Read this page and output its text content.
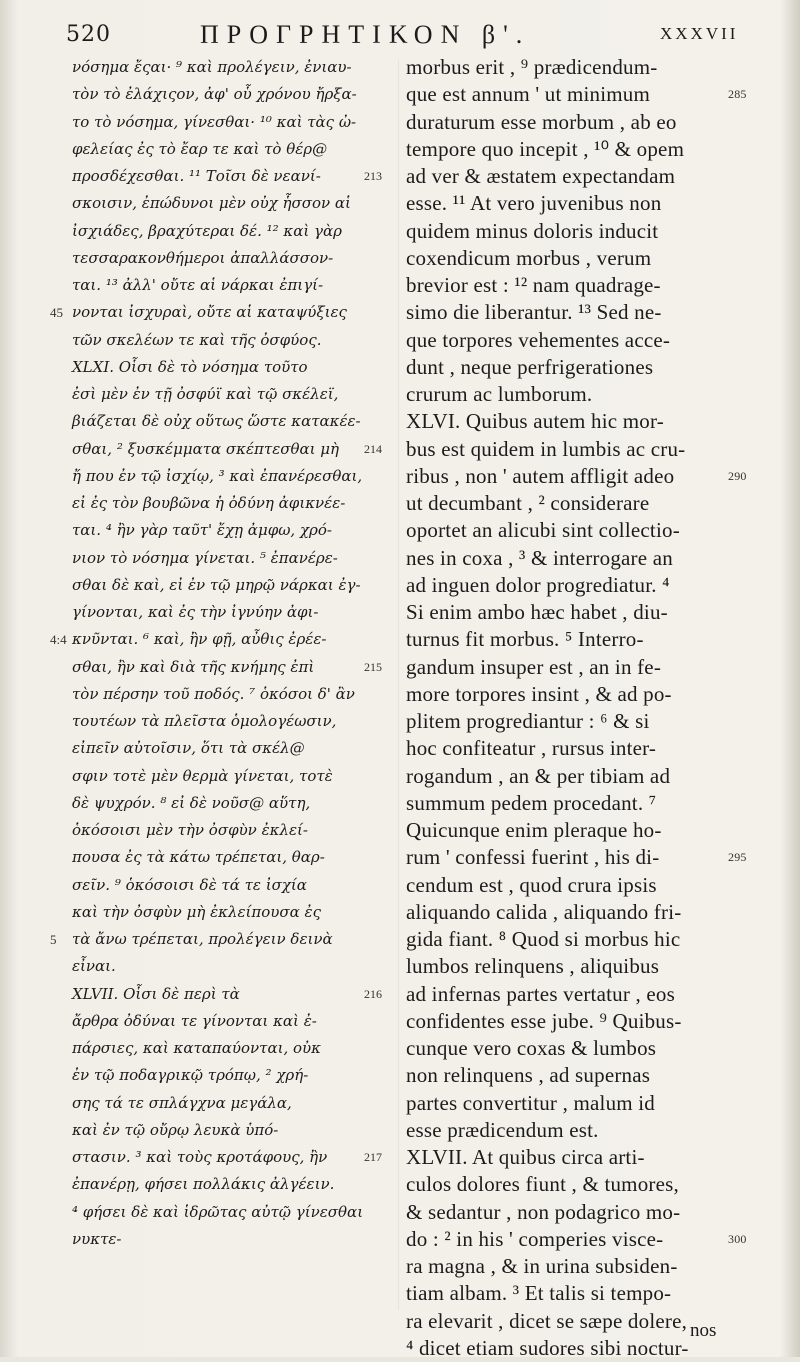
520	ΠΡΟΓΡΗΤΙΚΟΝ β'.	XXXVII
νόσημα ἔςαι· ⁹ καὶ προλέγειν, ἐνιαυ-
τὸν τὸ ἐλάχιςον, ἀφ' οὗ χρόνου ἤρξα-
το τὸ νόσημα, γίνεσθαι· ¹⁰ καὶ τὰς ὠ-
φελείας ἐς τὸ ἔαρ τε καὶ τὸ θέρ@
προσδέχεσθαι. ¹¹ Τοῖσι δὲ νεανί-	213
σκοισιν, ἐπώδυνοι μὲν οὐχ ἧσσον αἱ
ἰσχιάδες, βραχύτεραι δέ. ¹² καὶ γὰρ
τεσσαρακονθήμεροι ἀπαλλάσσον-
ται. ¹³ ἀλλ' οὔτε αἱ νάρκαι ἐπιγί-
νονται ἰσχυραὶ, οὔτε αἱ καταψύξιες
45
τῶν σκελέων τε καὶ τῆς ὀσφύος.
XLXI. Οἷσι δὲ τὸ νόσημα τοῦτο
ἐσὶ μὲν ἐν τῇ ὀσφύϊ καὶ τῷ σκέλεϊ,
βιάζεται δὲ οὐχ οὕτως ὥστε κατακέε-
σθαι, ² ξυσκέμματα σκέπτεσθαι μὴ 214
ἤ που ἐν τῷ ἰσχίῳ, ³ καὶ ἐπανέρεσθαι,
εἰ ἐς τὸν βουβῶνα ἡ ὀδύνη ἀφικνέε-
ται. ⁴ ἢν γὰρ ταῦτ' ἔχῃ ἀμφω, χρό-
νιον τὸ νόσημα γίνεται. ⁵ ἐπανέρε-
σθαι δὲ καὶ, εἰ ἐν τῷ μηρῷ νάρκαι ἐγ-
γίνονται, καὶ ἐς τὴν ἰγνύην ἀφι-
κνῦνται. ⁶ καὶ, ἢν φῇ, αὖθις ἐρέε-
4:4
σθαι, ἢν καὶ διὰ τῆς κνήμης ἐπὶ	215
τὸν πέρσην τοῦ ποδός. ⁷ ὁκόσοι δ' ἂν
τουτέων τὰ πλεῖστα ὁμολογέωσιν,
εἰπεῖν αὐτοῖσιν, ὅτι τὰ σκέλ@
σφιν τοτὲ μὲν θερμὰ γίνεται, τοτὲ
δὲ ψυχρόν. ⁸ εἰ δὲ νοῦσ@ αὕτη,
ὁκόσοισι μὲν τὴν ὀσφὺν ἐκλεί-
πουσα ἐς τὰ κάτω τρέπεται, θαρ-
σεῖν. ⁹ ὁκόσοισι δὲ τά τε ἰσχία
καὶ τὴν ὀσφὺν μὴ ἐκλείπουσα ἐς
τὰ ἄνω τρέπεται, προλέγειν δεινὰ
5
εἶναι.
XLVII. Οἷσι δὲ περὶ τὰ	216
ἄρθρα ὀδύναι τε γίνονται καὶ ἐ-
πάρσιες, καὶ καταπαύονται, οὐκ
ἐν τῷ ποδαγρικῷ τρόπῳ, ² χρή-
σης τά τε σπλάγχνα μεγάλα,
καὶ ἐν τῷ οὔρῳ λευκὰ ὑπό-
στασιν. ³ καὶ τοὺς κροτάφους, ἢν	217
ἐπανέρῃ, φήσει πολλάκις ἀλγέειν.
⁴ φήσει δὲ καὶ ἱδρῶτας αὐτῷ γίνεσθαι
νυκτε-
morbus erit , ⁹ prædicendum-
que est annum ' ut minimum	285
duraturum esse morbum , ab eo
tempore quo incepit , ¹⁰ & opem
ad ver & æstatem expectandam
esse. ¹¹ At vero juvenibus non
quidem minus doloris inducit
coxendicum morbus , verum
brevior est : ¹² nam quadrage-
simo die liberantur. ¹³ Sed ne-
que torpores vehementes acce-
dunt , neque perfrigerationes
crurum ac lumborum.
XLVI. Quibus autem hic mor-
bus est quidem in lumbis ac cru-
ribus , non ' autem affligit adeo	290
ut decumbant , ² considerare
oportet an alicubi sint collectio-
nes in coxa , ³ & interrogare an
ad inguen dolor progrediatur. ⁴
Si enim ambo hæc habet , diu-
turnus fit morbus. ⁵ Interro-
gandum insuper est , an in fe-
more torpores insint , & ad po-
plitem progrediantur : ⁶ & si
hoc confiteatur , rursus inter-
rogandum , an & per tibiam ad
summum pedem procedant. ⁷
Quicunque enim pleraque ho-
rum ' confessi fuerint , his di-	295
cendum est , quod crura ipsis
aliquando calida , aliquando fri-
gida fiant. ⁸ Quod si morbus hic
lumbos relinquens , aliquibus
ad infernas partes vertatur , eos
confidentes esse jube. ⁹ Quibus-
cunque vero coxas & lumbos
non relinquens , ad supernas
partes convertitur , malum id
esse prædicendum est.
XLVII. At quibus circa arti-
culos dolores fiunt , & tumores,
& sedantur , non podagrico mo-
do : ² in his ' comperies visce-	300
ra magna , & in urina subsiden-
tiam albam. ³ Et talis si tempo-
ra elevarit , dicet se sæpe dolere,
⁴ dicet etiam sudores sibi noctur-
nos
